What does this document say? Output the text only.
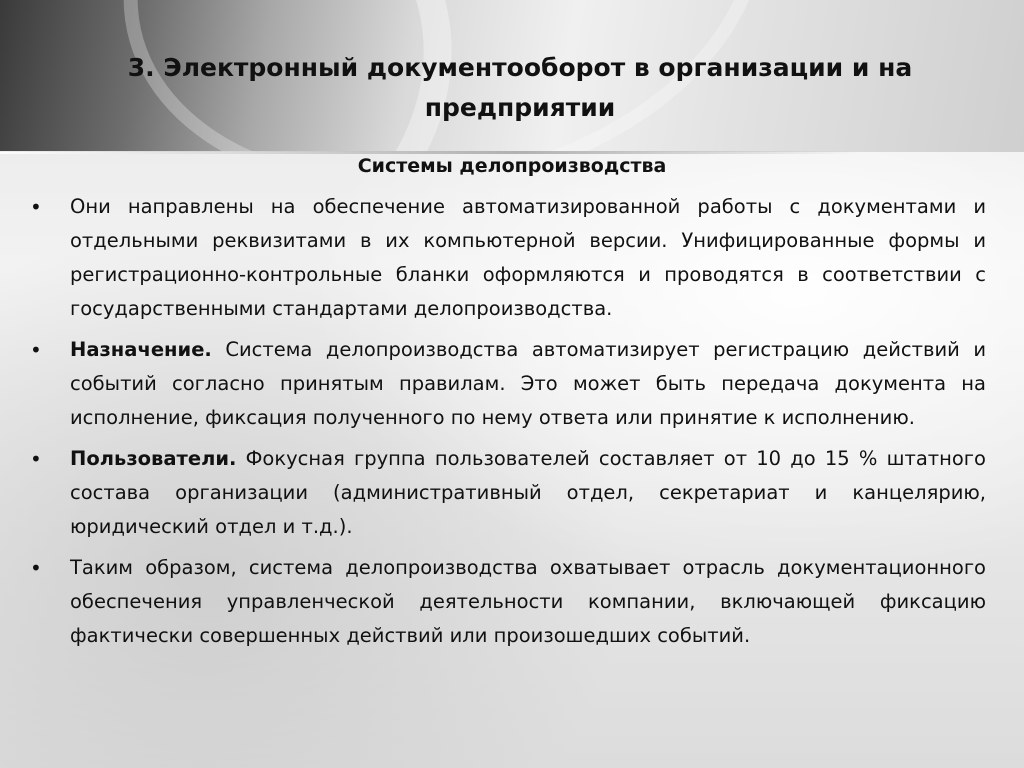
3. Электронный документооборот в организации и на предприятии
Системы делопроизводства
•	Они направлены на обеспечение автоматизированной работы с документами и отдельными реквизитами в их компьютерной версии. Унифицированные формы и регистрационно-контрольные бланки оформляются и проводятся в соответствии с государственными стандартами делопроизводства.
•	Назначение. Система делопроизводства автоматизирует регистрацию действий и событий согласно принятым правилам. Это может быть передача документа на исполнение, фиксация полученного по нему ответа или принятие к исполнению.
•	Пользователи. Фокусная группа пользователей составляет от 10 до 15 % штатного состава организации (административный отдел, секретариат и канцелярию, юридический отдел и т.д.).
•	Таким образом, система делопроизводства охватывает отрасль документационного обеспечения управленческой деятельности компании, включающей фиксацию фактически совершенных действий или произошедших событий.
